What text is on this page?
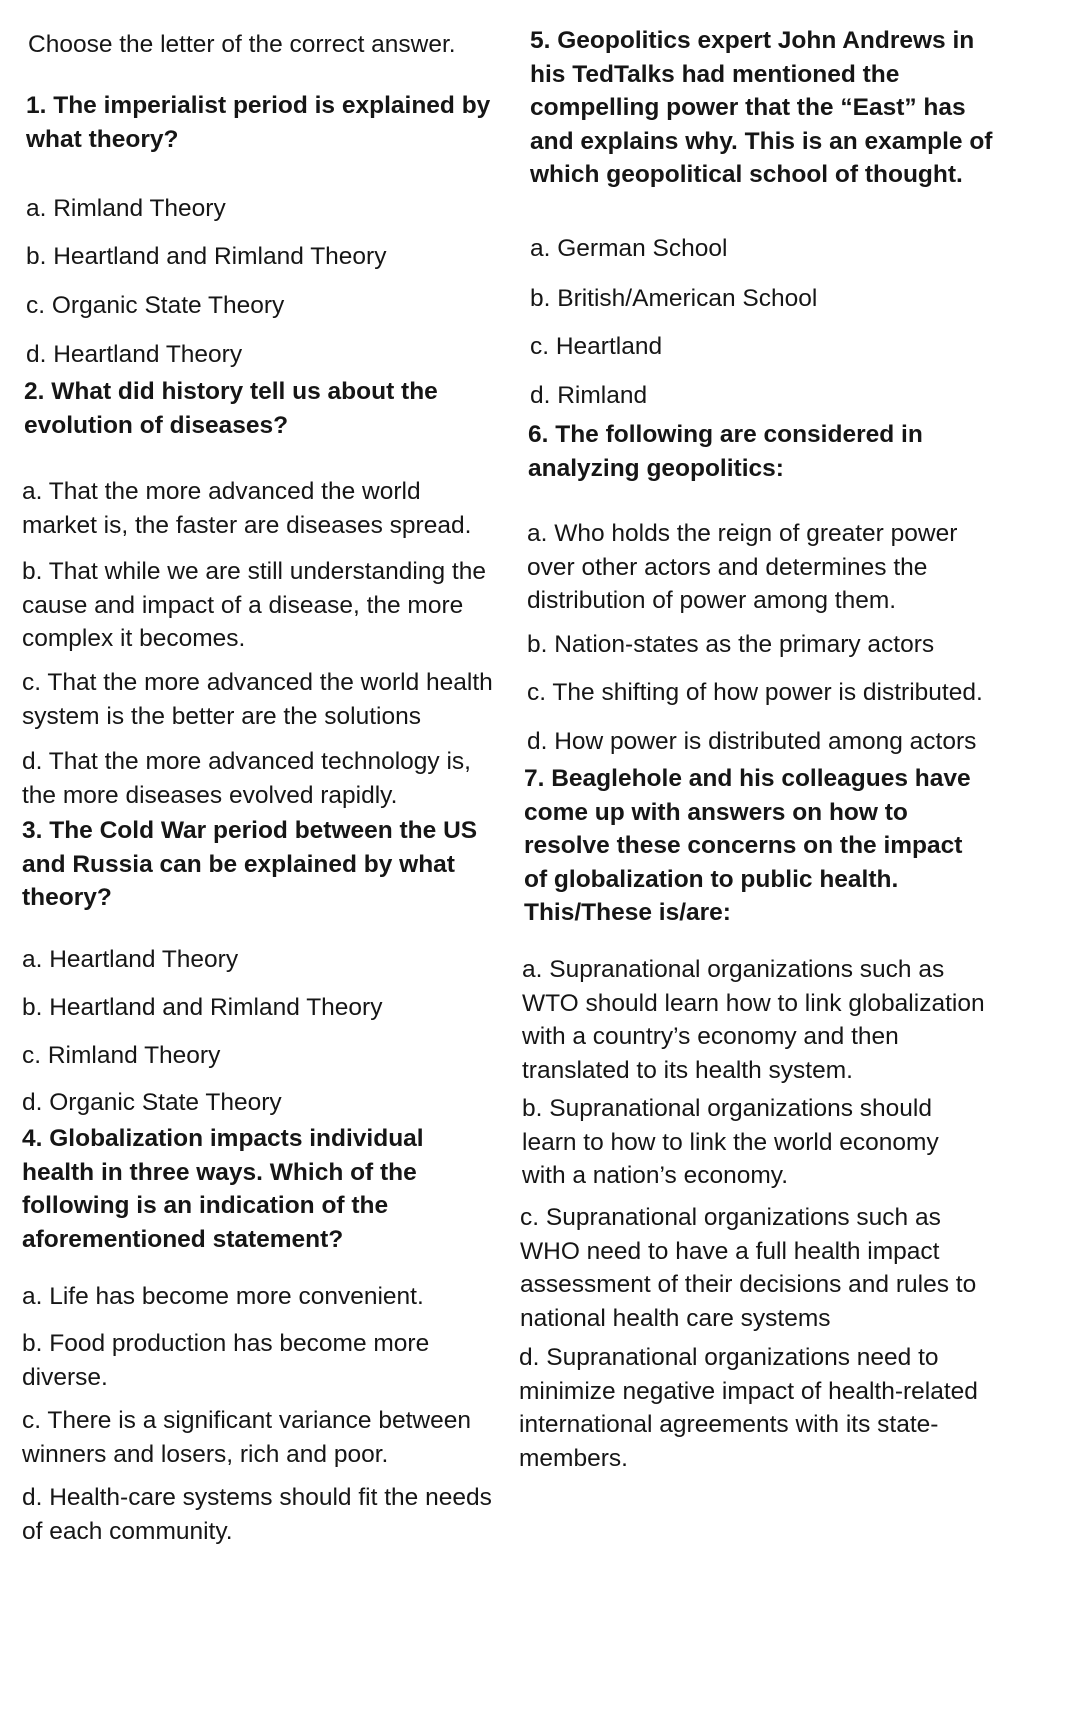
Choose the letter of the correct answer.

1. The imperialist period is explained by what theory?

a. Rimland Theory

b. Heartland and Rimland Theory

c. Organic State Theory

d. Heartland Theory

2. What did history tell us about the evolution of diseases?

a. That the more advanced the world market is, the faster are diseases spread.

b. That while we are still understanding the cause and impact of a disease, the more complex it becomes.

c. That the more advanced the world health system is the better are the solutions

d. That the more advanced technology is, the more diseases evolved rapidly.

3. The Cold War period between the US and Russia can be explained by what theory?

a. Heartland Theory

b. Heartland and Rimland Theory

c. Rimland Theory

d. Organic State Theory

4. Globalization impacts individual health in three ways. Which of the following is an indication of the aforementioned statement?

a. Life has become more convenient.

b. Food production has become more diverse.

c. There is a significant variance between winners and losers, rich and poor.

d. Health-care systems should fit the needs of each community.

5. Geopolitics expert John Andrews in his TedTalks had mentioned the compelling power that the “East” has and explains why. This is an example of which geopolitical school of thought.

a. German School

b. British/American School

c. Heartland

d. Rimland

6. The following are considered in analyzing geopolitics:

a. Who holds the reign of greater power over other actors and determines the distribution of power among them.

b. Nation-states as the primary actors

c. The shifting of how power is distributed.

d. How power is distributed among actors

7. Beaglehole and his colleagues have come up with answers on how to resolve these concerns on the impact of globalization to public health. This/These is/are:

a. Supranational organizations such as WTO should learn how to link globalization with a country’s economy and then translated to its health system.

b. Supranational organizations should learn to how to link the world economy with a nation’s economy.

c. Supranational organizations such as WHO need to have a full health impact assessment of their decisions and rules to national health care systems

d. Supranational organizations need to minimize negative impact of health-related international agreements with its state-members.
